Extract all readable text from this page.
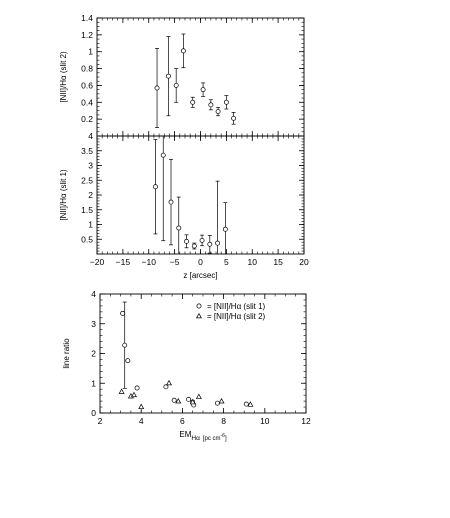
0.2
0.4
0.6
0.8
1
1.2
1.4
[NII]/Hα (slit 2)
−20 −15 −10 −5 0 5 10 15 20
0.5
1
1.5
2
2.5
3
3.5
4
[NII]/Hα (slit 1)
z [arcsec]
2	4	6	8	10	12
0
1
2
3
4
line ratio
$EM_{H\alpha}$ [pc $cm^{-6}_]$
= [NII]/Hα (slit 1)
= [NII]/Hα (slit 2)
